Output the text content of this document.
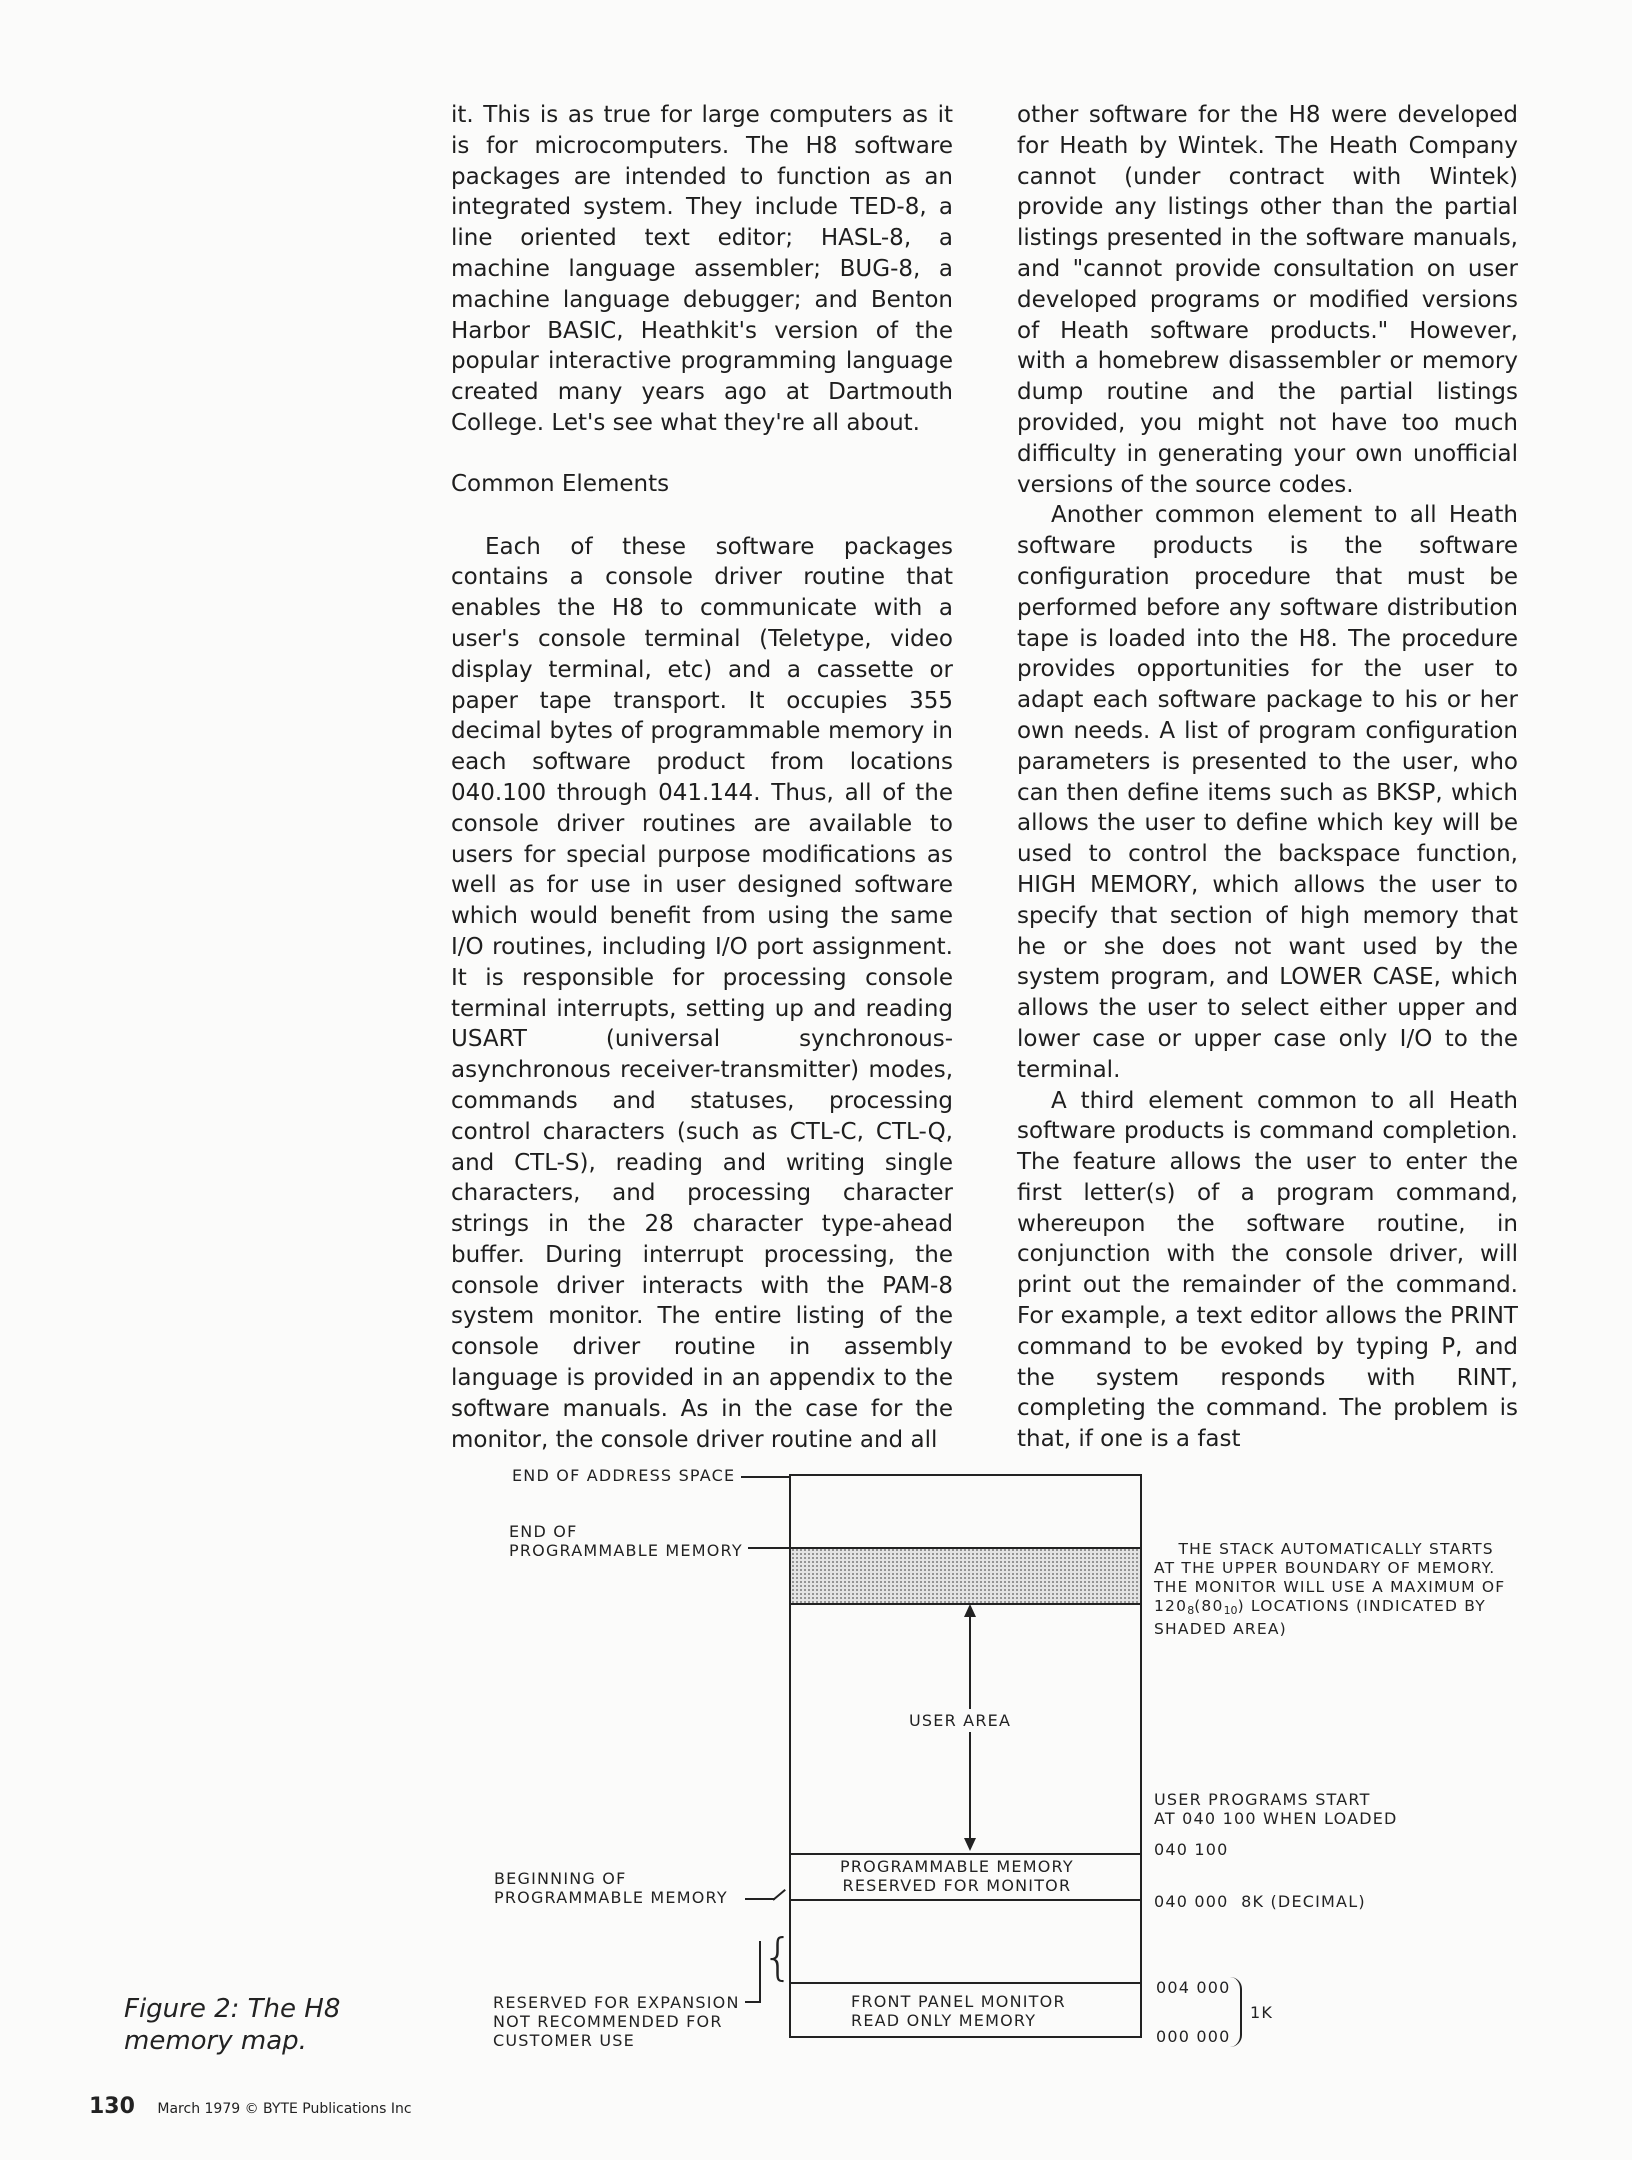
it. This is as true for large computers as it is for microcomputers. The H8 software packages are intended to function as an integrated system. They include TED-8, a line oriented text editor; HASL-8, a machine language assembler; BUG-8, a machine language debugger; and Benton Harbor BASIC, Heathkit's version of the popular interactive programming language created many years ago at Dartmouth College. Let's see what they're all about.

Common Elements

Each of these software packages contains a console driver routine that enables the H8 to communicate with a user's console terminal (Teletype, video display terminal, etc) and a cassette or paper tape transport. It occupies 355 decimal bytes of programmable memory in each software product from locations 040.100 through 041.144. Thus, all of the console driver routines are available to users for special purpose modifications as well as for use in user designed software which would benefit from using the same I/O routines, including I/O port assignment. It is responsible for processing console terminal interrupts, setting up and reading USART (universal synchronous-asynchronous receiver-transmitter) modes, commands and statuses, processing control characters (such as CTL-C, CTL-Q, and CTL-S), reading and writing single characters, and processing character strings in the 28 character type-ahead buffer. During interrupt processing, the console driver interacts with the PAM-8 system monitor. The entire listing of the console driver routine in assembly language is provided in an appendix to the software manuals. As in the case for the monitor, the console driver routine and all

other software for the H8 were developed for Heath by Wintek. The Heath Company cannot (under contract with Wintek) provide any listings other than the partial listings presented in the software manuals, and "cannot provide consultation on user developed programs or modified versions of Heath software products." However, with a homebrew disassembler or memory dump routine and the partial listings provided, you might not have too much difficulty in generating your own unofficial versions of the source codes.

Another common element to all Heath software products is the software configuration procedure that must be performed before any software distribution tape is loaded into the H8. The procedure provides opportunities for the user to adapt each software package to his or her own needs. A list of program configuration parameters is presented to the user, who can then define items such as BKSP, which allows the user to define which key will be used to control the backspace function, HIGH MEMORY, which allows the user to specify that section of high memory that he or she does not want used by the system program, and LOWER CASE, which allows the user to select either upper and lower case or upper case only I/O to the terminal.

A third element common to all Heath software products is command completion. The feature allows the user to enter the first letter(s) of a program command, whereupon the software routine, in conjunction with the console driver, will print out the remainder of the command. For example, a text editor allows the PRINT command to be evoked by typing P, and the system responds with RINT, completing the command. The problem is that, if one is a fast

USER AREA
PROGRAMMABLE MEMORY
RESERVED FOR MONITOR
FRONT PANEL MONITOR
READ ONLY MEMORY
END OF ADDRESS SPACE
END OF
PROGRAMMABLE MEMORY
BEGINNING OF
PROGRAMMABLE MEMORY
RESERVED FOR EXPANSION
NOT RECOMMENDED FOR
CUSTOMER USE
{

THE STACK AUTOMATICALLY STARTS
AT THE UPPER BOUNDARY OF MEMORY.
THE MONITOR WILL USE A MAXIMUM OF
$120_8(80_{10})$ LOCATIONS (INDICATED BY
SHADED AREA)

USER PROGRAMS START
AT 040 100 WHEN LOADED
040 100
040 000  8K (DECIMAL)
004 000
000 000
1K
Figure 2: The H8 memory map.
130 March 1979 © BYTE Publications Inc
